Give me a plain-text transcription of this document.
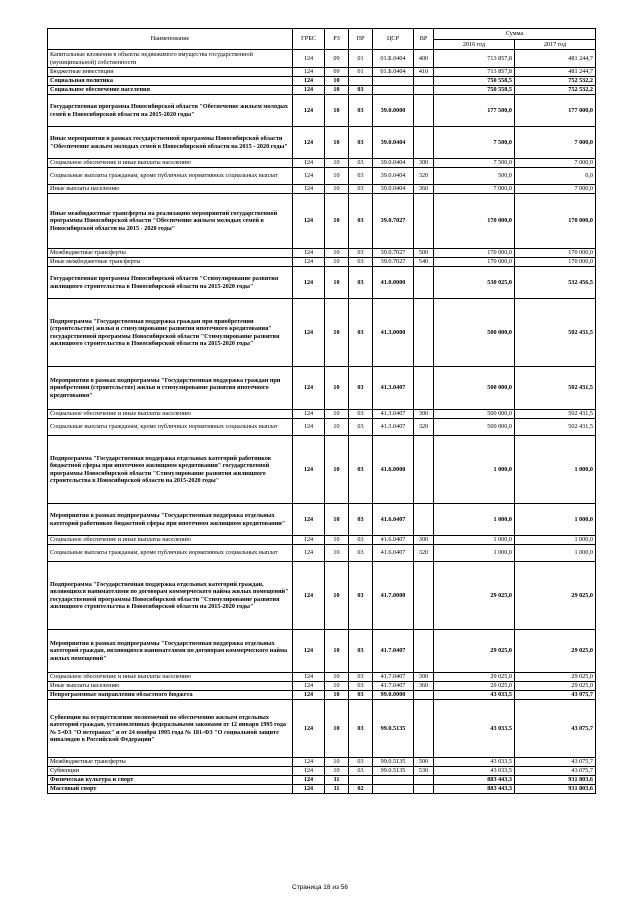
Наименование	ГРБС	РЗ	ПР	ЦСР	ВР	Сумма	
						2016 год	2017 год
Капитальные вложения в объекты недвижимого имущества государственной (муниципальной) собственности	124	09	01	01.Б.0404	400	713 857,8	481 244,7
Бюджетные инвестиции	124	09	01	01.Б.0404	410	713 857,8	481 244,7
Социальная политика	124	10				750 558,5	752 532,2
Социальное обеспечение населения	124	10	03			750 558,5	752 532,2
Государственная программа Новосибирской области "Обеспечение жильем молодых семей в Новосибирской области на 2015-2020 годы"	124	10	03	39.0.0000		177 500,0	177 000,0
Иные мероприятия в рамках государственной программы Новосибирской области "Обеспечение жильем молодых семей в Новосибирской области на 2015 - 2020 годы"	124	10	03	39.0.0404		7 500,0	7 000,0
Социальное обеспечение и иные выплаты населению	124	10	03	39.0.0404	300	7 500,0	7 000,0
Социальные выплаты гражданам, кроме публичных нормативных социальных выплат	124	10	03	39.0.0404	320	500,0	0,0
Иные выплаты населению	124	10	03	39.0.0404	360	7 000,0	7 000,0
Иные межбюджетные трансферты на реализацию мероприятий государственной программы Новосибирской области "Обеспечение жильем молодых семей в Новосибирской области на 2015 - 2020 годы"	124	10	03	39.0.7027		170 000,0	170 000,0
Межбюджетные трансферты	124	10	03	39.0.7027	500	170 000,0	170 000,0
Иные межбюджетные трансферты	124	10	03	39.0.7027	540	170 000,0	170 000,0
Государственная программа Новосибирской области "Стимулирование развития жилищного строительства в Новосибирской области на 2015-2020 годы"	124	10	03	41.0.0000		530 025,0	532 456,5
Подпрограмма "Государственная поддержка граждан при приобретении (строительстве) жилья и стимулирование развития ипотечного кредитования" государственной программы Новосибирской области "Стимулирование развития жилищного строительства в Новосибирской области на 2015-2020 годы"	124	10	03	41.3.0000		500 000,0	502 431,5
Мероприятия в рамках подпрограммы "Государственная поддержка граждан при приобретении (строительстве) жилья и стимулирование развития ипотечного кредитования"	124	10	03	41.3.0407		500 000,0	502 431,5
Социальное обеспечение и иные выплаты населению	124	10	03	41.3.0407	300	500 000,0	502 431,5
Социальные выплаты гражданам, кроме публичных нормативных социальных выплат	124	10	03	41.3.0407	320	500 000,0	502 431,5
Подпрограмма "Государственная поддержка отдельных категорий работников бюджетной сферы при ипотечном жилищном кредитовании" государственной программы Новосибирской области "Стимулирование развития жилищного строительства в Новосибирской области на 2015-2020 годы"	124	10	03	41.6.0000		1 000,0	1 000,0
Мероприятия в рамках подпрограммы "Государственная поддержка отдельных категорий работников бюджетной сферы при ипотечном жилищном кредитовании"	124	10	03	41.6.0407		1 000,0	1 000,0
Социальное обеспечение и иные выплаты населению	124	10	03	41.6.0407	300	1 000,0	1 000,0
Социальные выплаты гражданам, кроме публичных нормативных социальных выплат	124	10	03	41.6.0407	320	1 000,0	1 000,0
Подпрограмма "Государственная поддержка отдельных категорий граждан, являющихся нанимателями по договорам коммерческого найма жилых помещений" государственной программы Новосибирской области "Стимулирование развития жилищного строительства в Новосибирской области на 2015-2020 годы"	124	10	03	41.7.0000		29 025,0	29 025,0
Мероприятия в рамках подпрограммы "Государственная поддержка отдельных категорий граждан, являющихся нанимателями по договорам коммерческого найма жилых помещений"	124	10	03	41.7.0407		29 025,0	29 025,0
Социальное обеспечение и иные выплаты населению	124	10	03	41.7.0407	300	29 025,0	29 025,0
Иные выплаты населению	124	10	03	41.7.0407	360	29 025,0	29 025,0
Непрограммные направления областного бюджета	124	10	03	99.0.0000		43 033,5	43 075,7
Субвенции на осуществление полномочий по обеспечению жильем отдельных категорий граждан, установленных федеральными законами от 12 января 1995 года № 5-ФЗ "О ветеранах" и от 24 ноября 1995 года № 181-ФЗ "О социальной защите инвалидов в Российской Федерации"	124	10	03	99.0.5135		43 033,5	43 075,7
Межбюджетные трансферты	124	10	03	99.0.5135	500	43 033,5	43 075,7
Субвенции	124	10	03	99.0.5135	530	43 033,5	43 075,7
Физическая культура и спорт	124	11				883 443,3	931 803,6
Массовый спорт	124	11	02			883 443,3	931 803,6
Страница 18 из 56
